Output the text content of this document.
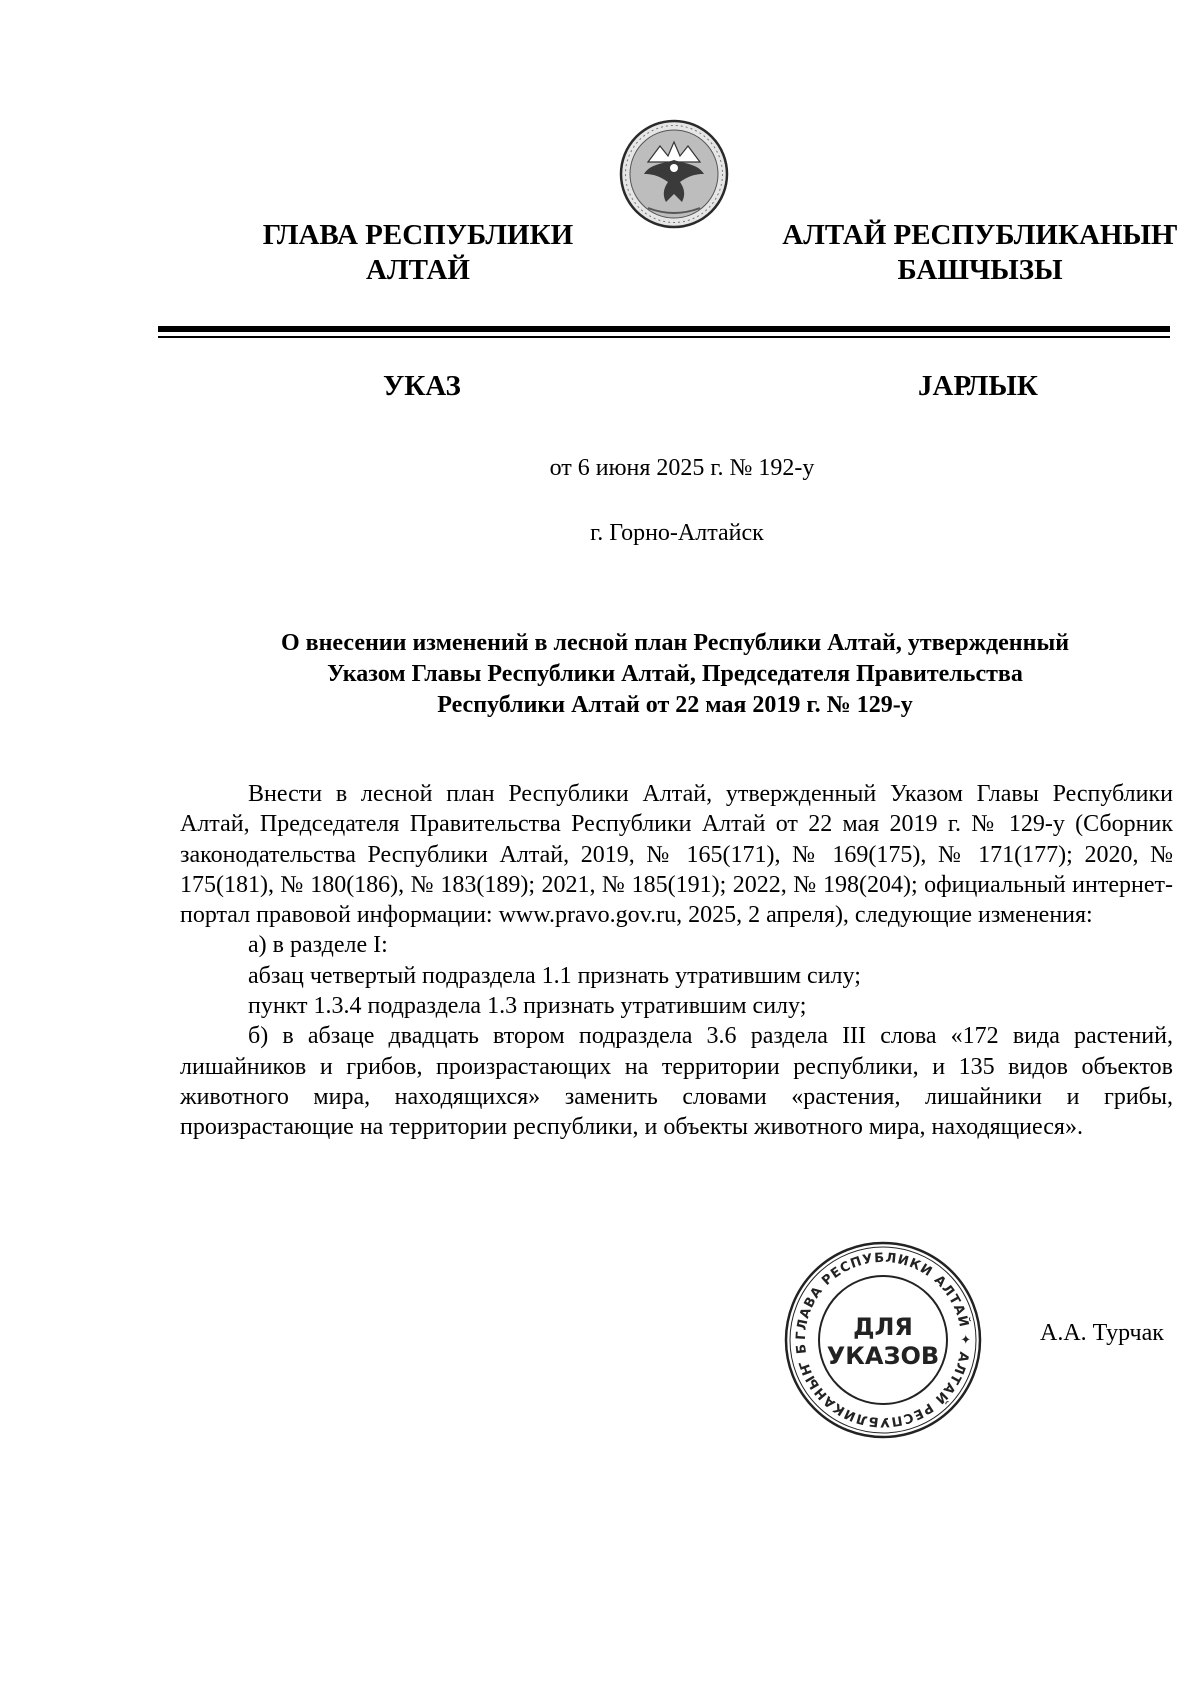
ГЛАВА РЕСПУБЛИКИ
АЛТАЙ
АЛТАЙ РЕСПУБЛИКАНЫҤ
БАШЧЫЗЫ
УКАЗ	ЈАРЛЫК
от 6 июня 2025 г. № 192-у
г. Горно-Алтайск
О внесении изменений в лесной план Республики Алтай, утвержденный
Указом Главы Республики Алтай, Председателя Правительства
Республики Алтай от 22 мая 2019 г. № 129-у

Внести в лесной план Республики Алтай, утвержденный Указом Главы Республики Алтай, Председателя Правительства Республики Алтай от 22 мая 2019 г. № 129-у (Сборник законодательства Республики Алтай, 2019, № 165(171), № 169(175), № 171(177); 2020, № 175(181), № 180(186), № 183(189); 2021, № 185(191); 2022, № 198(204); официальный интернет-портал правовой информации: www.pravo.gov.ru, 2025, 2 апреля), следующие изменения:

а) в разделе I:

абзац четвертый подраздела 1.1 признать утратившим силу;

пункт 1.3.4 подраздела 1.3 признать утратившим силу;

б) в абзаце двадцать втором подраздела 3.6 раздела III слова «172 вида растений, лишайников и грибов, произрастающих на территории республики, и 135 видов объектов животного мира, находящихся» заменить словами «растения, лишайники и грибы, произрастающие на территории республики, и объекты животного мира, находящиеся».

ГЛАВА РЕСПУБЛИКИ АЛТАЙ ✦ АЛТАЙ РЕСПУБЛИКАНЫҤ Б
ДЛЯ
УКАЗОВ
А.А. Турчак
